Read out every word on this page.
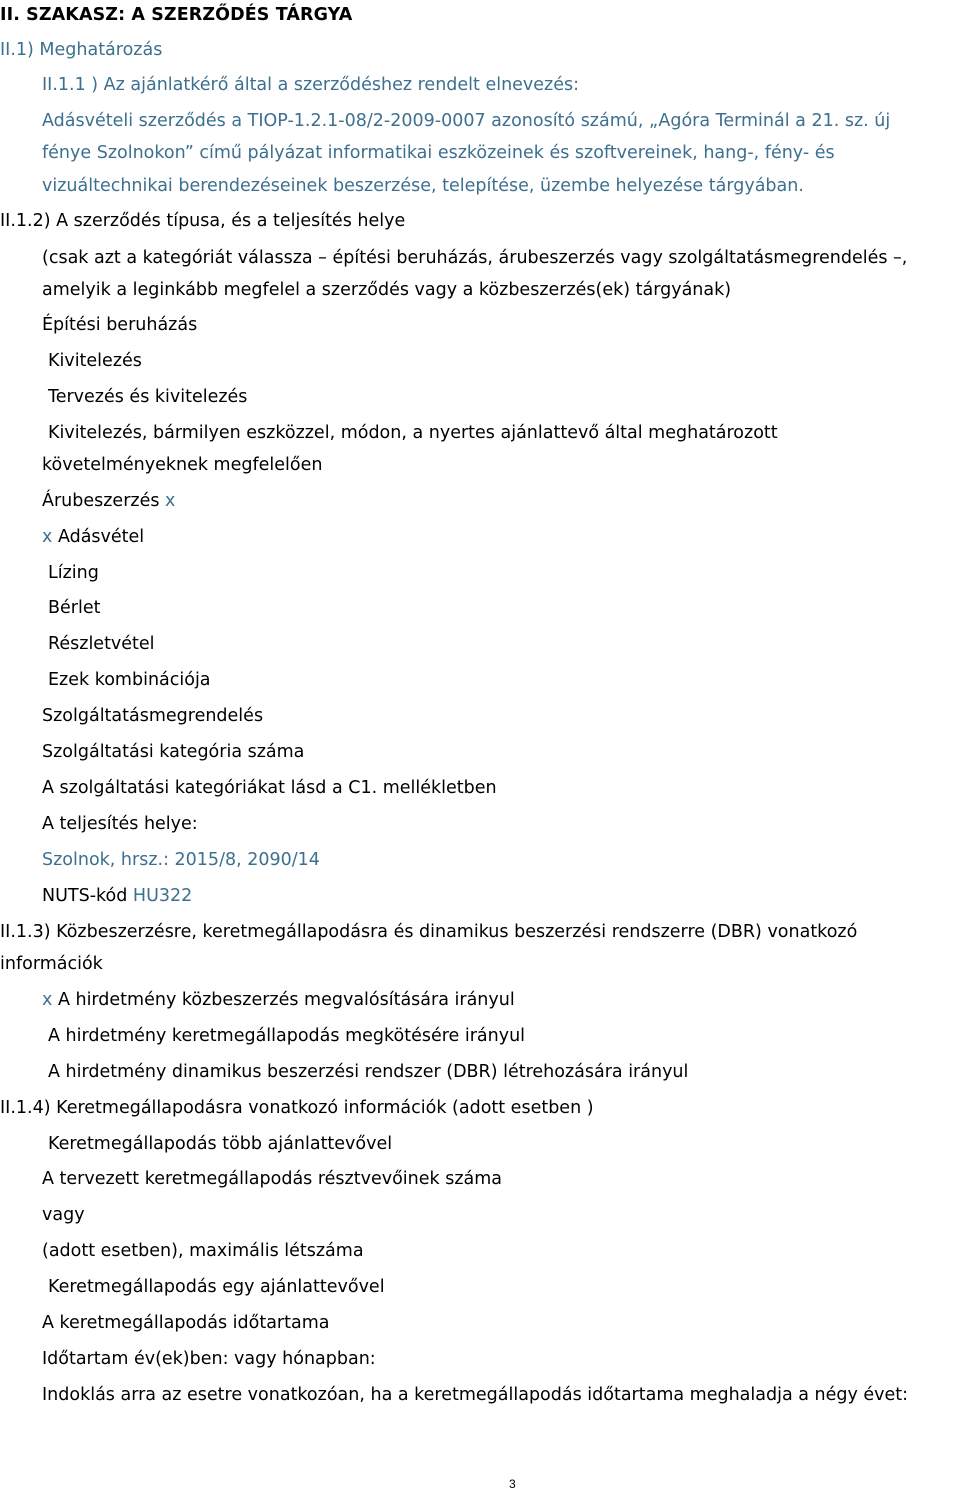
II. SZAKASZ: A SZERZŐDÉS TÁRGYA
II.1) Meghatározás
II.1.1 ) Az ajánlatkérő által a szerződéshez rendelt elnevezés:
Adásvételi szerződés a TIOP-1.2.1-08/2-2009-0007 azonosító számú, „Agóra Terminál a 21. sz. új
fénye Szolnokon” című pályázat informatikai eszközeinek és szoftvereinek, hang-, fény- és
vizuáltechnikai berendezéseinek beszerzése, telepítése, üzembe helyezése tárgyában.
II.1.2) A szerződés típusa, és a teljesítés helye
(csak azt a kategóriát válassza – építési beruházás, árubeszerzés vagy szolgáltatásmegrendelés –,
amelyik a leginkább megfelel a szerződés vagy a közbeszerzés(ek) tárgyának)
Építési beruházás
Kivitelezés
Tervezés és kivitelezés
Kivitelezés, bármilyen eszközzel, módon, a nyertes ajánlattevő által meghatározott
követelményeknek megfelelően
Árubeszerzés x
x Adásvétel
Lízing
Bérlet
Részletvétel
Ezek kombinációja
Szolgáltatásmegrendelés
Szolgáltatási kategória száma
A szolgáltatási kategóriákat lásd a C1. mellékletben
A teljesítés helye:
Szolnok, hrsz.: 2015/8, 2090/14
NUTS-kód HU322
II.1.3) Közbeszerzésre, keretmegállapodásra és dinamikus beszerzési rendszerre (DBR) vonatkozó
információk
x A hirdetmény közbeszerzés megvalósítására irányul
A hirdetmény keretmegállapodás megkötésére irányul
A hirdetmény dinamikus beszerzési rendszer (DBR) létrehozására irányul
II.1.4) Keretmegállapodásra vonatkozó információk (adott esetben )
Keretmegállapodás több ajánlattevővel
A tervezett keretmegállapodás résztvevőinek száma
vagy
(adott esetben), maximális létszáma
Keretmegállapodás egy ajánlattevővel
A keretmegállapodás időtartama
Időtartam év(ek)ben: vagy hónapban:
Indoklás arra az esetre vonatkozóan, ha a keretmegállapodás időtartama meghaladja a négy évet:
3
